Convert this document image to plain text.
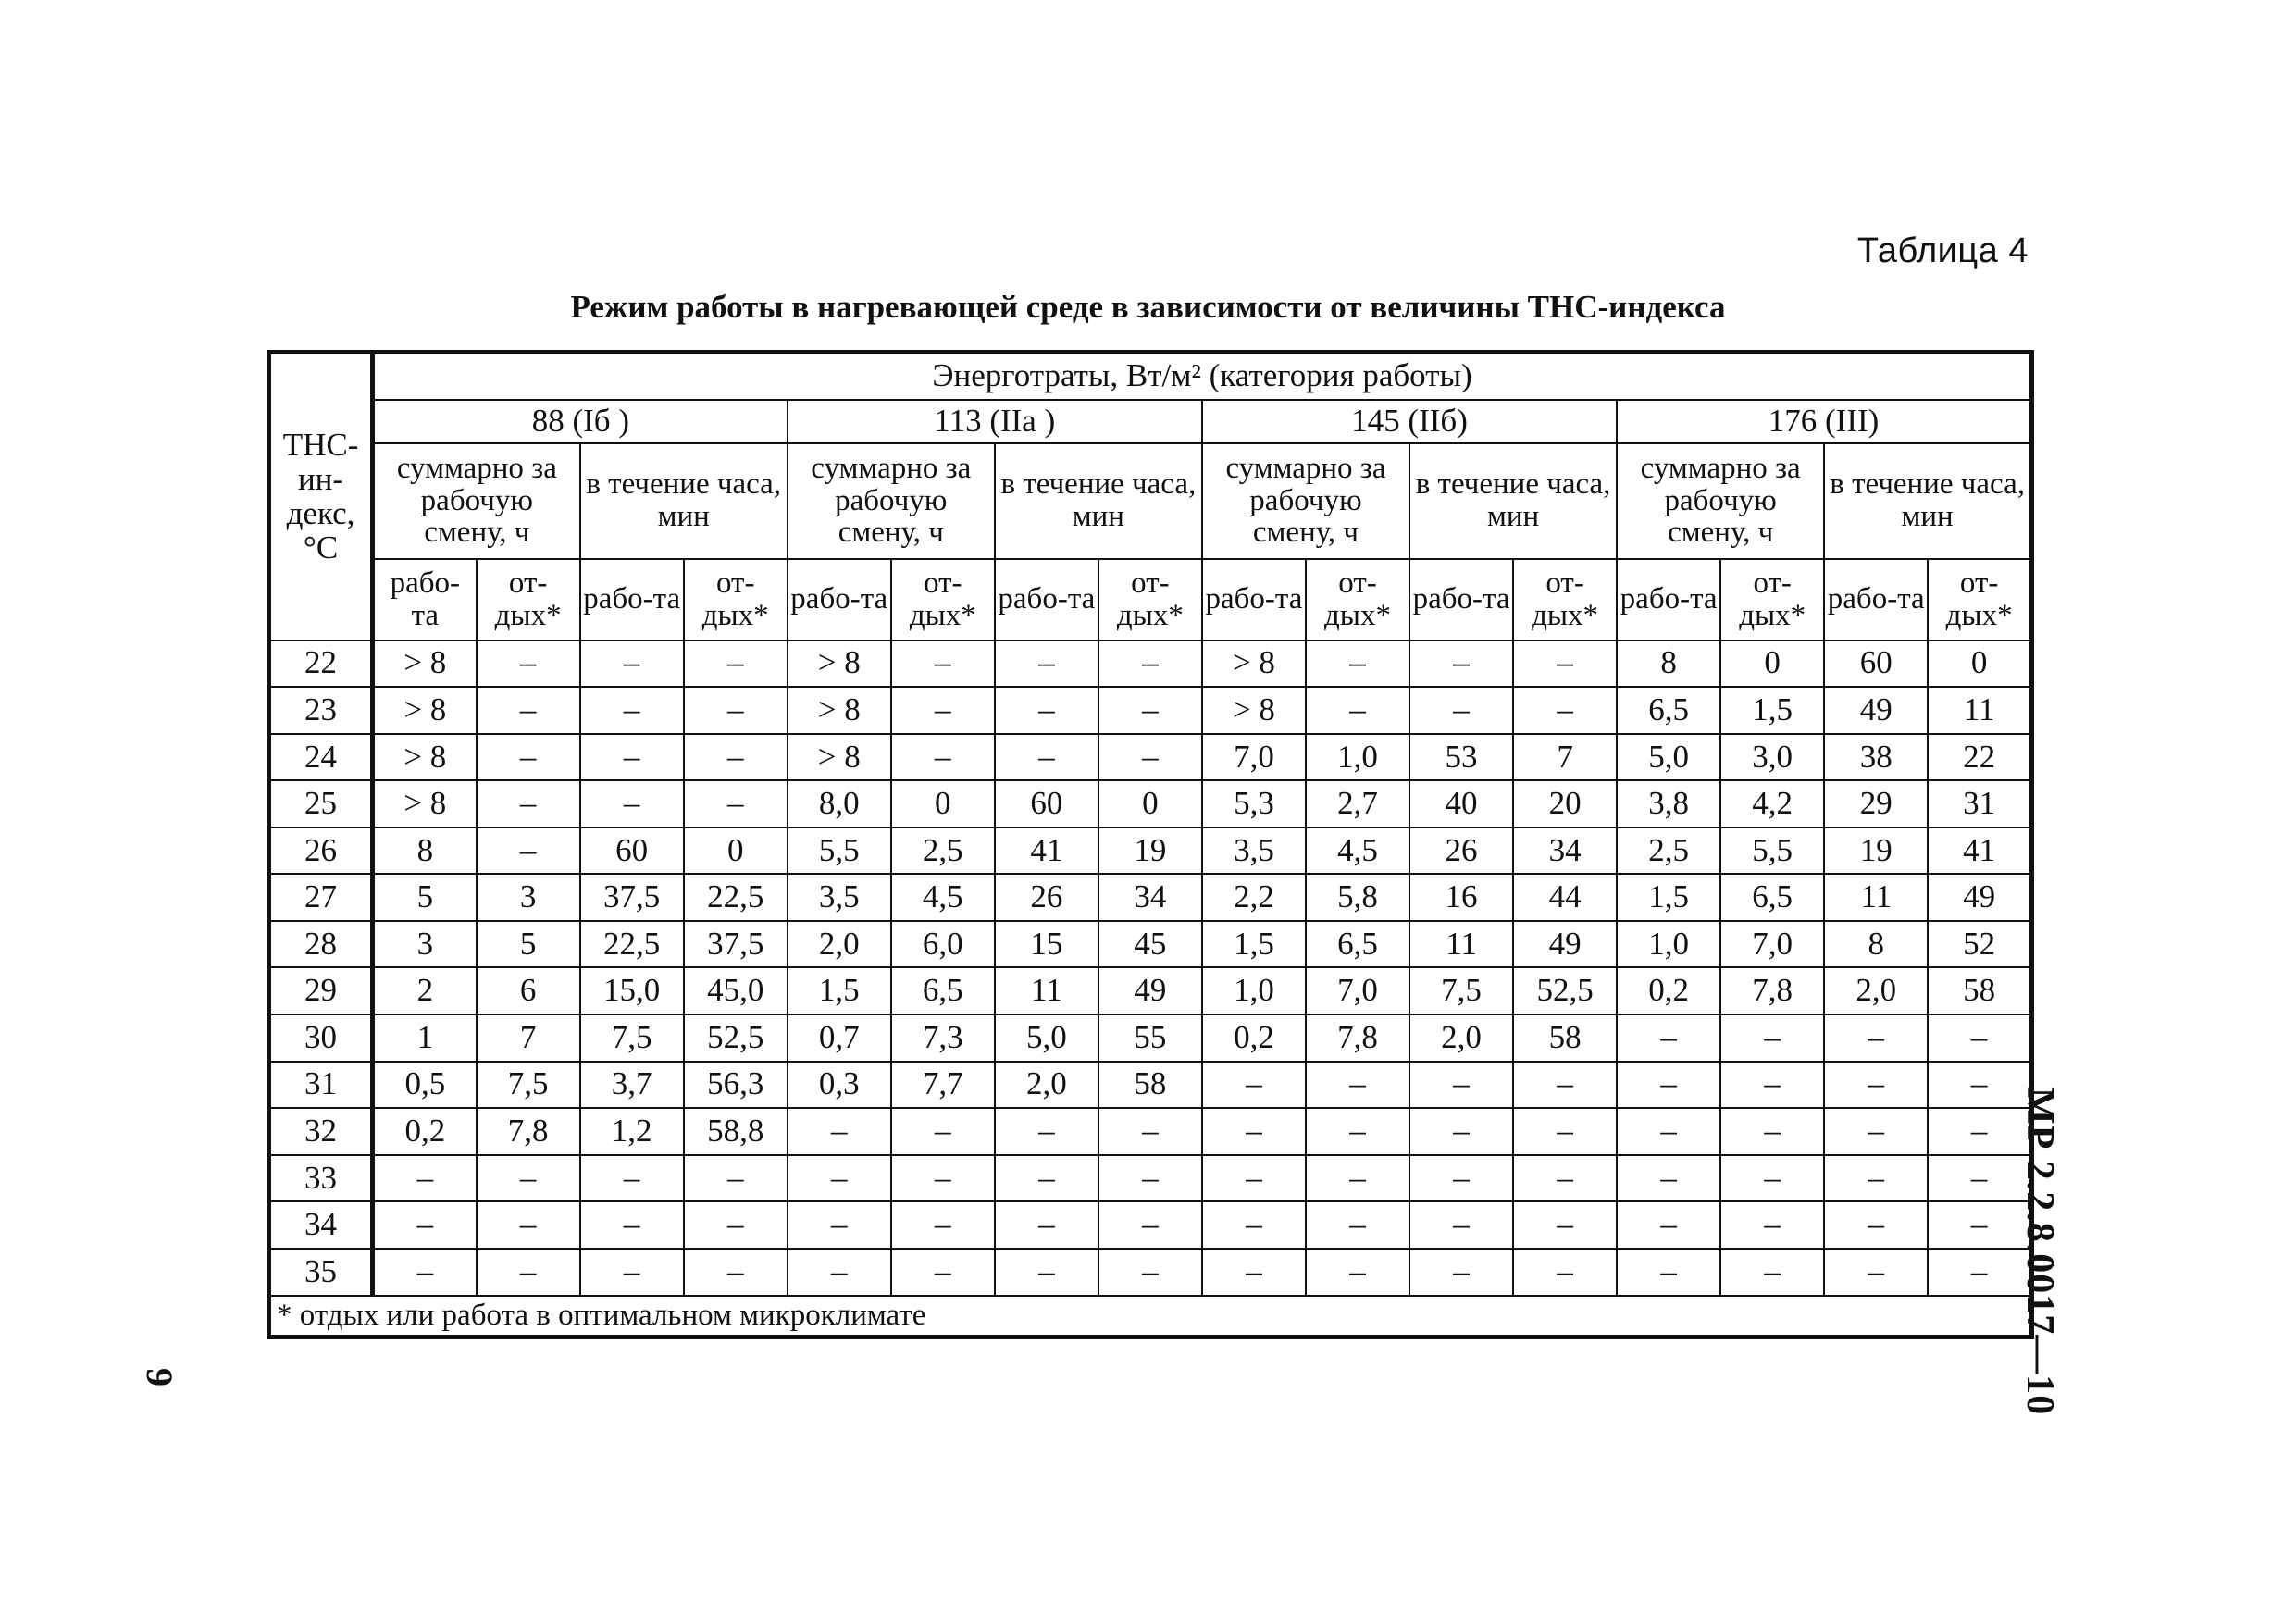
Таблица 4
Режим работы в нагревающей среде в зависимости от величины ТНС-индекса
ТНС-ин-декс, °С	Энерготраты, Вт/м² (категория работы)															
	88 (Iб )				113 (IIа )				145 (IIб)				176 (III)			
	суммарно за рабочую смену, ч		в течение часа, мин		суммарно за рабочую смену, ч		в течение часа, мин		суммарно за рабочую смену, ч		в течение часа, мин		суммарно за рабочую смену, ч		в течение часа, мин	
	рабо-та	от-дых*	рабо-та	от-дых*	рабо-та	от-дых*	рабо-та	от-дых*	рабо-та	от-дых*	рабо-та	от-дых*	рабо-та	от-дых*	рабо-та	от-дых*
22	> 8	–	–	–	> 8	–	–	–	> 8	–	–	–	8	0	60	0
23	> 8	–	–	–	> 8	–	–	–	> 8	–	–	–	6,5	1,5	49	11
24	> 8	–	–	–	> 8	–	–	–	7,0	1,0	53	7	5,0	3,0	38	22
25	> 8	–	–	–	8,0	0	60	0	5,3	2,7	40	20	3,8	4,2	29	31
26	8	–	60	0	5,5	2,5	41	19	3,5	4,5	26	34	2,5	5,5	19	41
27	5	3	37,5	22,5	3,5	4,5	26	34	2,2	5,8	16	44	1,5	6,5	11	49
28	3	5	22,5	37,5	2,0	6,0	15	45	1,5	6,5	11	49	1,0	7,0	8	52
29	2	6	15,0	45,0	1,5	6,5	11	49	1,0	7,0	7,5	52,5	0,2	7,8	2,0	58
30	1	7	7,5	52,5	0,7	7,3	5,0	55	0,2	7,8	2,0	58	–	–	–	–
31	0,5	7,5	3,7	56,3	0,3	7,7	2,0	58	–	–	–	–	–	–	–	–
32	0,2	7,8	1,2	58,8	–	–	–	–	–	–	–	–	–	–	–	–
33	–	–	–	–	–	–	–	–	–	–	–	–	–	–	–	–
34	–	–	–	–	–	–	–	–	–	–	–	–	–	–	–	–
35	–	–	–	–	–	–	–	–	–	–	–	–	–	–	–	–
* отдых или работа в оптимальном микроклимате																	МР 2.2.8.0017—10
9
